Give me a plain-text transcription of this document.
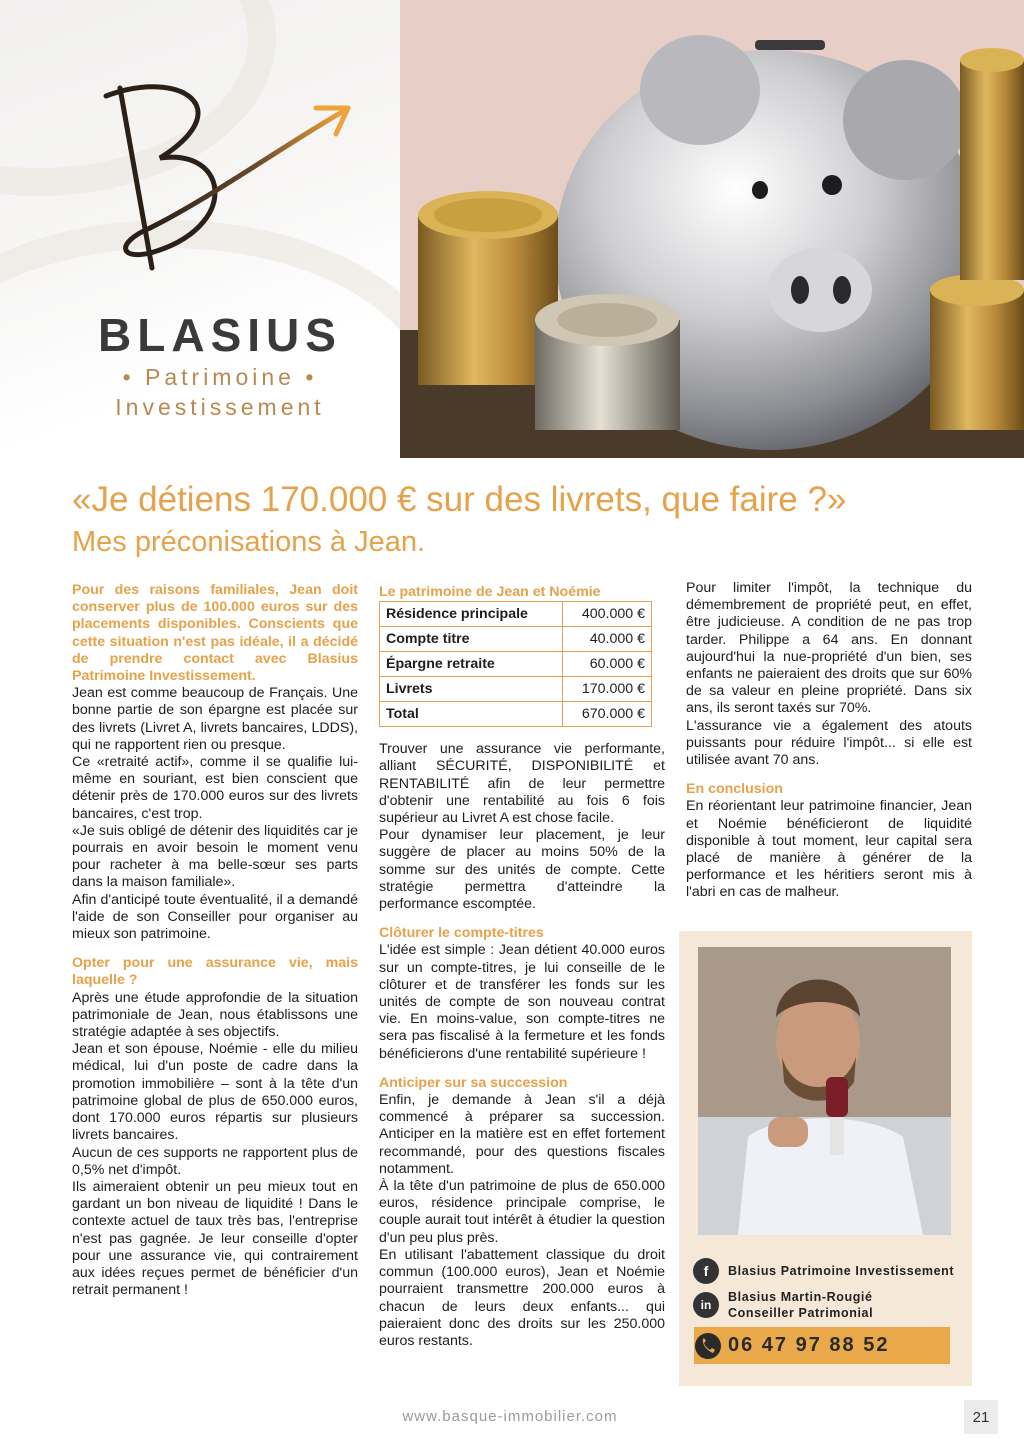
BLASIUS
• Patrimoine •
Investissement
«Je détiens 170.000 € sur des livrets, que faire ?»
Mes préconisations à Jean.

Pour des raisons familiales, Jean doit conserver plus de 100.000 euros sur des placements disponibles. Conscients que cette situation n'est pas idéale, il a décidé de prendre contact avec Blasius Patrimoine Investissement.

Jean est comme beaucoup de Français. Une bonne partie de son épargne est placée sur des livrets (Livret A, livrets bancaires, LDDS), qui ne rapportent rien ou presque.

Ce «retraité actif», comme il se qualifie lui-même en souriant, est bien conscient que détenir près de 170.000 euros sur des livrets bancaires, c'est trop.

«Je suis obligé de détenir des liquidités car je pourrais en avoir besoin le moment venu pour racheter à ma belle-sœur ses parts dans la maison familiale».

Afin d'anticipé toute éventualité, il a demandé l'aide de son Conseiller pour organiser au mieux son patrimoine.

Opter pour une assurance vie, mais laquelle ?

Après une étude approfondie de la situation patrimoniale de Jean, nous établissons une stratégie adaptée à ses objectifs.

Jean et son épouse, Noémie - elle du milieu médical, lui d'un poste de cadre dans la promotion immobilière – sont à la tête d'un patrimoine global de plus de 650.000 euros, dont 170.000 euros répartis sur plusieurs livrets bancaires.

Aucun de ces supports ne rapportent plus de 0,5% net d'impôt.

Ils aimeraient obtenir un peu mieux tout en gardant un bon niveau de liquidité ! Dans le contexte actuel de taux très bas, l'entreprise n'est pas gagnée. Je leur conseille d'opter pour une assurance vie, qui contrairement aux idées reçues permet de bénéficier d'un retrait permanent !

Le patrimoine de Jean et Noémie

Résidence principale	400.000 €
Compte titre	40.000 €
Épargne retraite	60.000 €
Livrets	170.000 €
Total	670.000 €

Trouver une assurance vie performante, alliant SÉCURITÉ, DISPONIBILITÉ et RENTABILITÉ afin de leur permettre d'obtenir une rentabilité au fois 6 fois supérieur au Livret A est chose facile.

Pour dynamiser leur placement, je leur suggère de placer au moins 50% de la somme sur des unités de compte. Cette stratégie permettra d'atteindre la performance escomptée.

Clôturer le compte-titres

L'idée est simple : Jean détient 40.000 euros sur un compte-titres, je lui conseille de le clôturer et de transférer les fonds sur les unités de compte de son nouveau contrat vie. En moins-value, son compte-titres ne sera pas fiscalisé à la fermeture et les fonds bénéficierons d'une rentabilité supérieure !

Anticiper sur sa succession

Enfin, je demande à Jean s'il a déjà commencé à préparer sa succession. Anticiper en la matière est en effet fortement recommandé, pour des questions fiscales notamment.

À la tête d'un patrimoine de plus de 650.000 euros, résidence principale comprise, le couple aurait tout intérêt à étudier la question d'un peu plus près.

En utilisant l'abattement classique du droit commun (100.000 euros), Jean et Noémie pourraient transmettre 200.000 euros à chacun de leurs deux enfants... qui paieraient donc des droits sur les 250.000 euros restants.

Pour limiter l'impôt, la technique du démembrement de propriété peut, en effet, être judicieuse. A condition de ne pas trop tarder. Philippe a 64 ans. En donnant aujourd'hui la nue-propriété d'un bien, ses enfants ne paieraient des droits que sur 60% de sa valeur en pleine propriété. Dans six ans, ils seront taxés sur 70%.

L'assurance vie a également des atouts puissants pour réduire l'impôt... si elle est utilisée avant 70 ans.

En conclusion

En réorientant leur patrimoine financier, Jean et Noémie bénéficieront de liquidité disponible à tout moment, leur capital sera placé de manière à générer de la performance et les héritiers seront mis à l'abri en cas de malheur.

f	Blasius Patrimoine Investissement
in
Blasius Martin-Rougié
Conseiller Patrimonial
06 47 97 88 52
www.basque-immobilier.com	21
